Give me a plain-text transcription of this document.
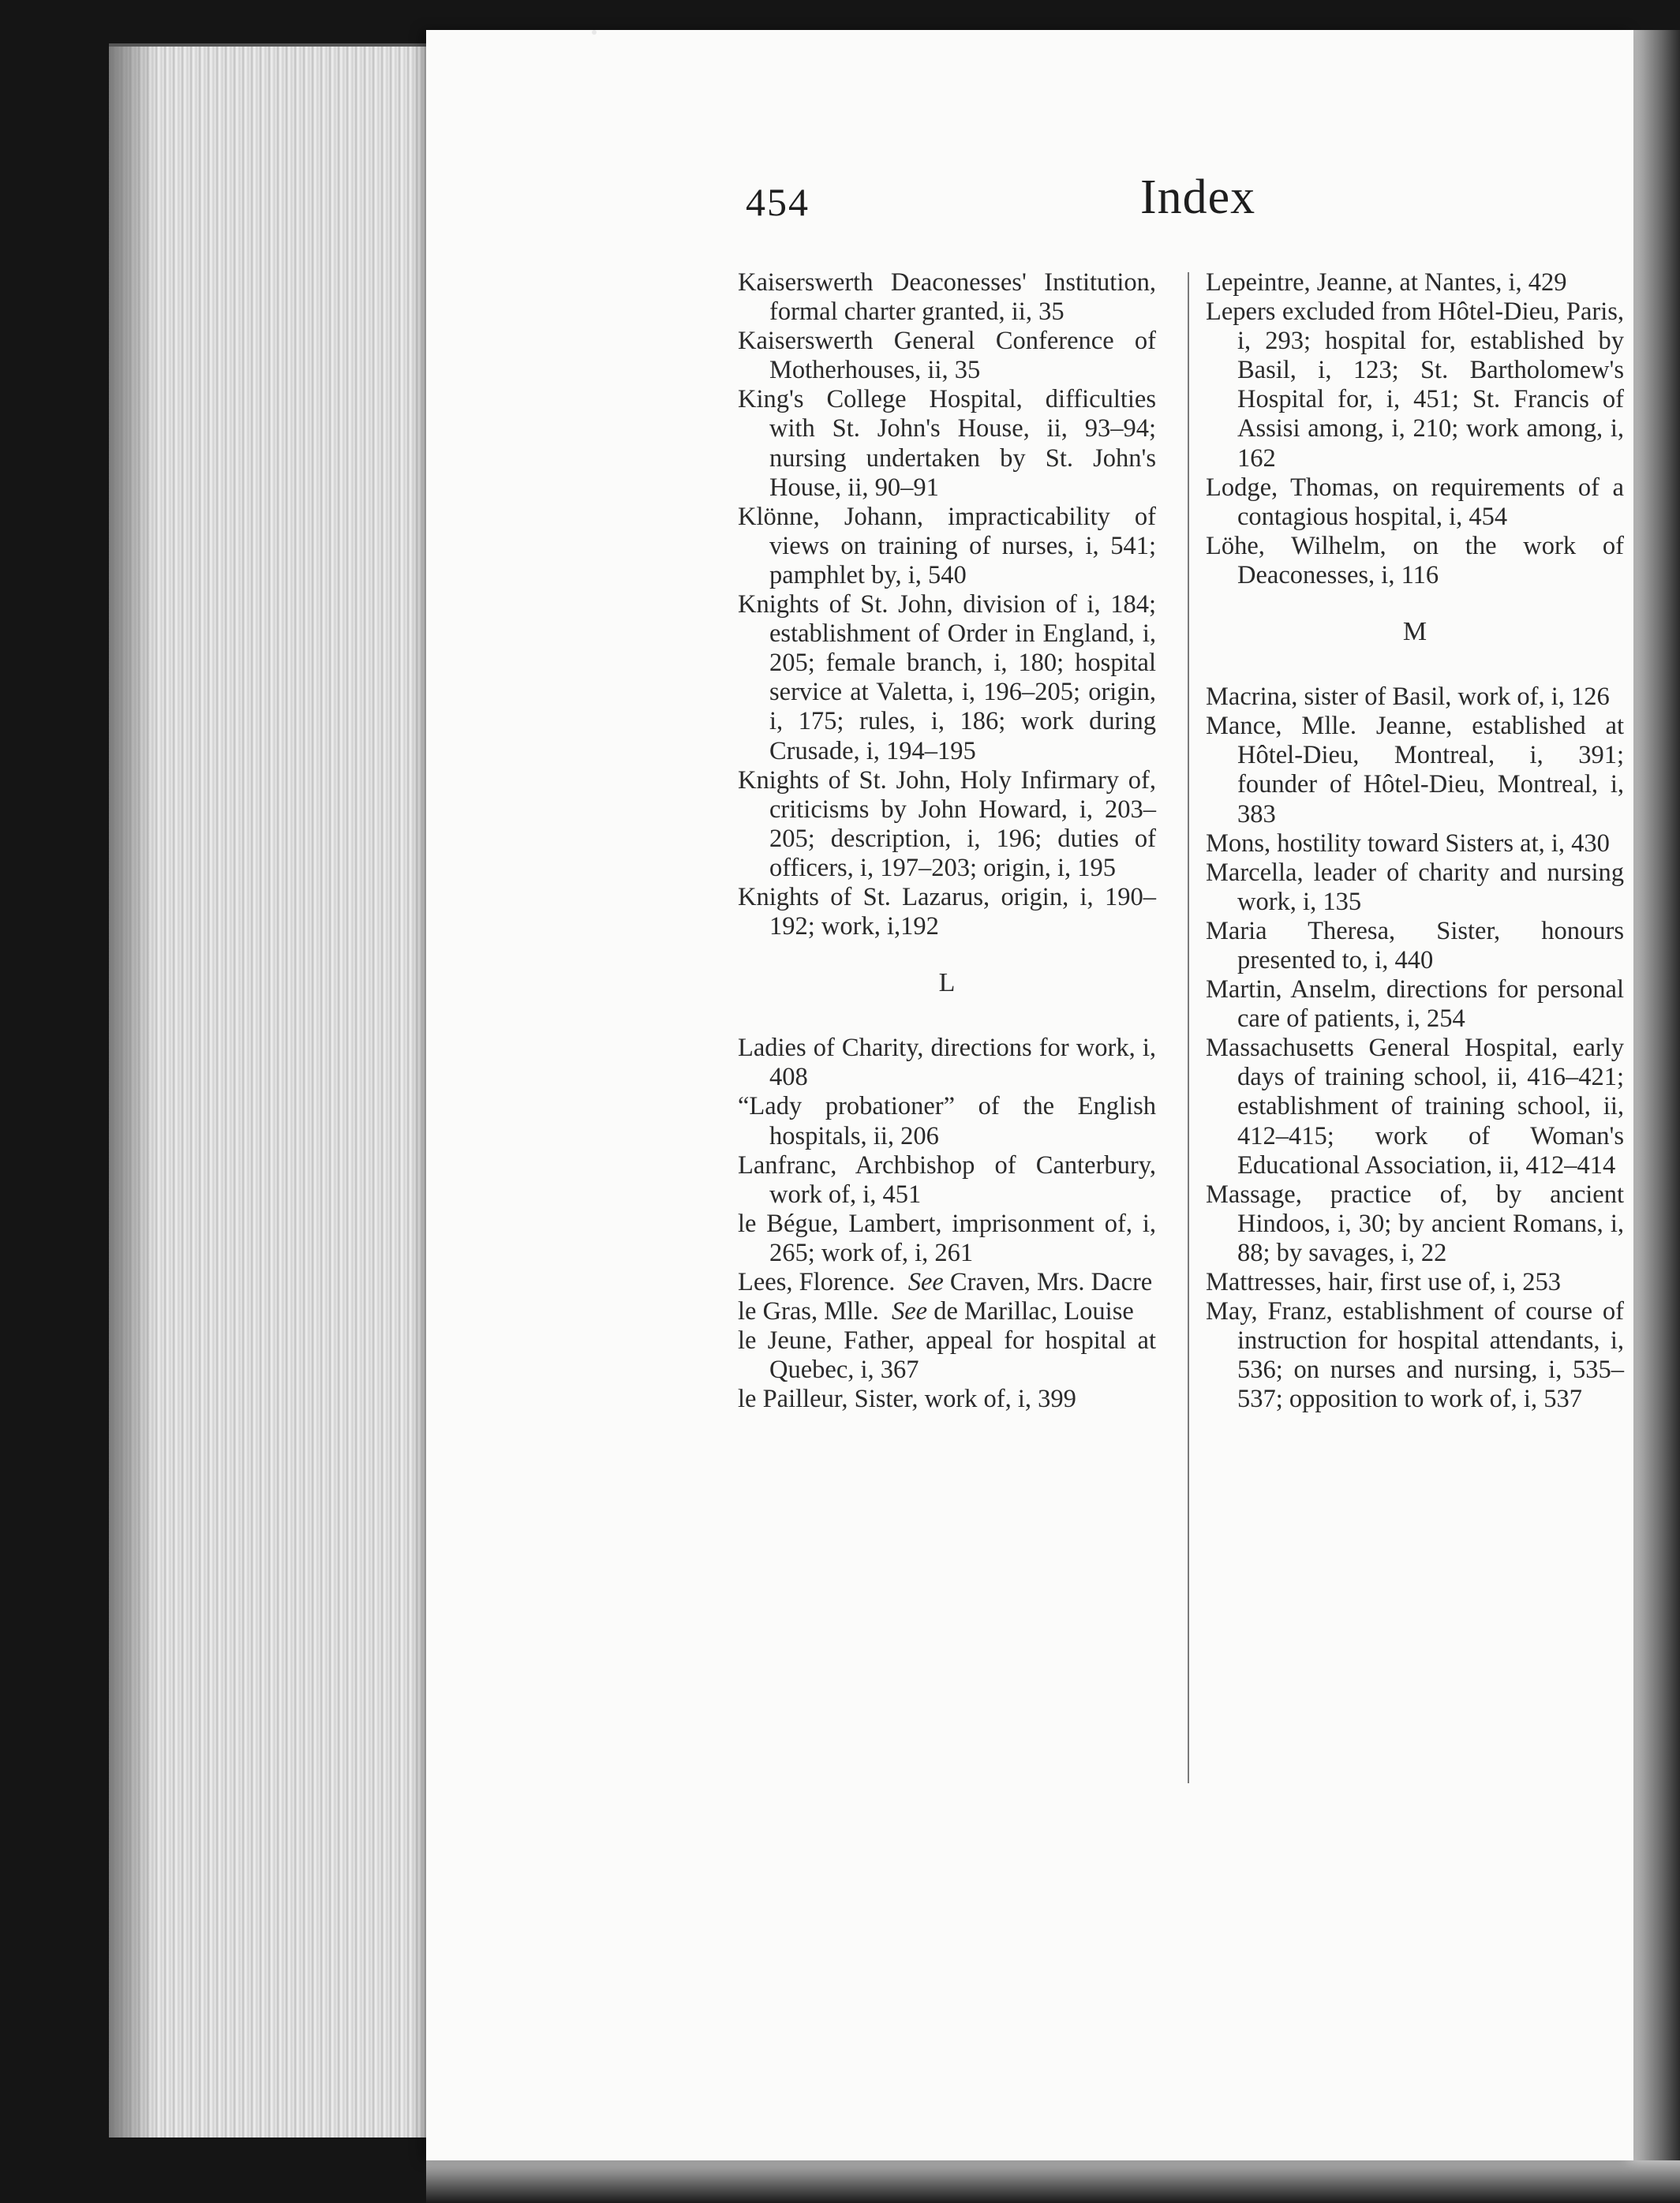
454	Index

Kaiserswerth Deaconesses' Institution, formal charter granted, ii, 35

Kaiserswerth General Conference of Motherhouses, ii, 35

King's College Hospital, difficulties with St. John's House, ii, 93–94; nursing undertaken by St. John's House, ii, 90–91

Klönne, Johann, impracticability of views on training of nurses, i, 541; pamphlet by, i, 540

Knights of St. John, division of i, 184; establishment of Order in England, i, 205; female branch, i, 180; hospital service at Valetta, i, 196–205; origin, i, 175; rules, i, 186; work during Crusade, i, 194–195

Knights of St. John, Holy Infirmary of, criticisms by John Howard, i, 203–205; description, i, 196; duties of officers, i, 197–203; origin, i, 195

Knights of St. Lazarus, origin, i, 190–192; work, i,192

L

Ladies of Charity, directions for work, i, 408

“Lady probationer” of the English hospitals, ii, 206

Lanfranc, Archbishop of Canterbury, work of, i, 451

le Bégue, Lambert, imprisonment of, i, 265; work of, i, 261

Lees, Florence. See Craven, Mrs. Dacre

le Gras, Mlle. See de Marillac, Louise

le Jeune, Father, appeal for hospital at Quebec, i, 367

le Pailleur, Sister, work of, i, 399

Lepeintre, Jeanne, at Nantes, i, 429

Lepers excluded from Hôtel-Dieu, Paris, i, 293; hospital for, established by Basil, i, 123; St. Bartholomew's Hospital for, i, 451; St. Francis of Assisi among, i, 210; work among, i, 162

Lodge, Thomas, on requirements of a contagious hospital, i, 454

Löhe, Wilhelm, on the work of Deaconesses, i, 116

M

Macrina, sister of Basil, work of, i, 126

Mance, Mlle. Jeanne, established at Hôtel-Dieu, Montreal, i, 391; founder of Hôtel-Dieu, Montreal, i, 383

Mons, hostility toward Sisters at, i, 430

Marcella, leader of charity and nursing work, i, 135

Maria Theresa, Sister, honours presented to, i, 440

Martin, Anselm, directions for personal care of patients, i, 254

Massachusetts General Hospital, early days of training school, ii, 416–421; establishment of training school, ii, 412–415; work of Woman's Educational Association, ii, 412–414

Massage, practice of, by ancient Hindoos, i, 30; by ancient Romans, i, 88; by savages, i, 22

Mattresses, hair, first use of, i, 253

May, Franz, establishment of course of instruction for hospital attendants, i, 536; on nurses and nursing, i, 535–537; opposition to work of, i, 537
